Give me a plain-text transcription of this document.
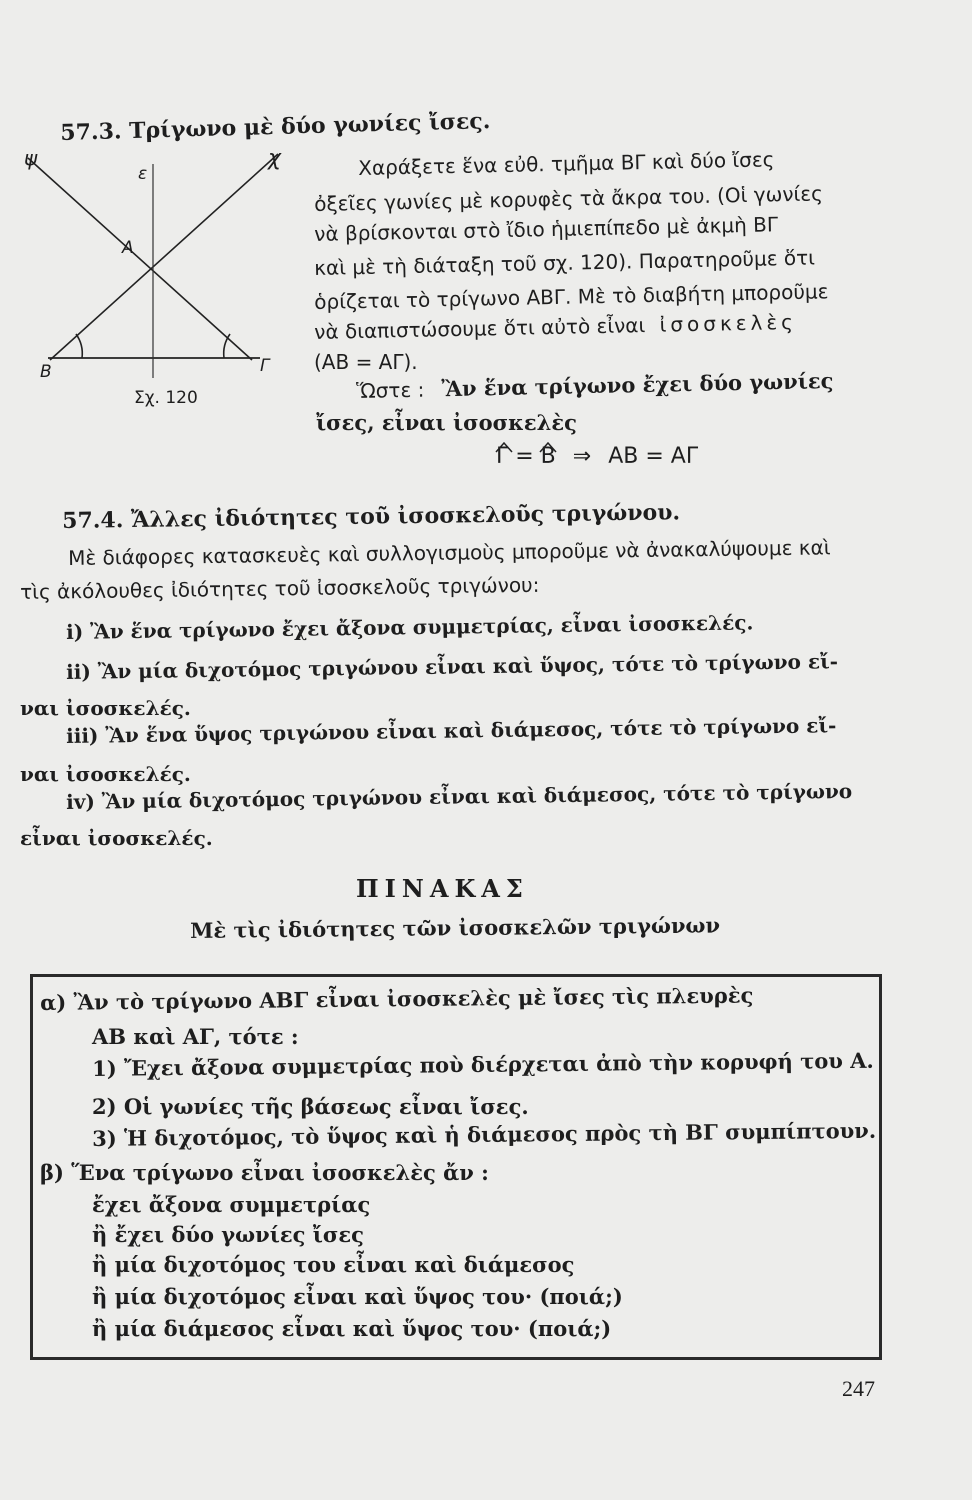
57.3. Τρίγωνο μὲ δύο γωνίες ἴσες.
ψ	χ
ε
Α
Β	Γ
Σχ. 120
Χαράξετε ἕνα εὐθ. τμῆμα ΒΓ καὶ δύο ἴσες
ὀξεῖες γωνίες μὲ κορυφὲς τὰ ἄκρα του. (Οἱ γωνίες
νὰ βρίσκονται στὸ ἴδιο ἡμιεπίπεδο μὲ ἀκμὴ ΒΓ
καὶ μὲ τὴ διάταξη τοῦ σχ. 120). Παρατηροῦμε ὅτι
ὁρίζεται τὸ τρίγωνο ΑΒΓ. Μὲ τὸ διαβήτη μποροῦμε
νὰ διαπιστώσουμε ὅτι αὐτὸ εἶναι ἰσοσκελὲς
(ΑΒ = ΑΓ).
Ὥστε : Ἂν ἕνα τρίγωνο ἔχει δύο γωνίες
ἴσες, εἶναι ἰσοσκελὲς
Γ = Β ⇒ ΑΒ = ΑΓ
57.4. Ἄλλες ἰδιότητες τοῦ ἰσοσκελοῦς τριγώνου.
Μὲ διάφορες κατασκευὲς καὶ συλλογισμοὺς μποροῦμε νὰ ἀνακαλύψουμε καὶ
τὶς ἀκόλουθες ἰδιότητες τοῦ ἰσοσκελοῦς τριγώνου:
i) Ἂν ἕνα τρίγωνο ἔχει ἄξονα συμμετρίας, εἶναι ἰσοσκελές.
ii) Ἂν μία διχοτόμος τριγώνου εἶναι καὶ ὕψος, τότε τὸ τρίγωνο εἴ-
ναι ἰσοσκελές.
iii) Ἂν ἕνα ὕψος τριγώνου εἶναι καὶ διάμεσος, τότε τὸ τρίγωνο εἴ-
ναι ἰσοσκελές.
iv) Ἂν μία διχοτόμος τριγώνου εἶναι καὶ διάμεσος, τότε τὸ τρίγωνο
εἶναι ἰσοσκελές.
ΠΙΝΑΚΑΣ
Μὲ τὶς ἰδιότητες τῶν ἰσοσκελῶν τριγώνων
α) Ἂν τὸ τρίγωνο ΑΒΓ εἶναι ἰσοσκελὲς μὲ ἴσες τὶς πλευρὲς
ΑΒ καὶ ΑΓ, τότε :
1) Ἔχει ἄξονα συμμετρίας ποὺ διέρχεται ἀπὸ τὴν κορυφή του Α.
2) Οἱ γωνίες τῆς βάσεως εἶναι ἴσες.
3) Ἡ διχοτόμος, τὸ ὕψος καὶ ἡ διάμεσος πρὸς τὴ ΒΓ συμπίπτουν.
β) Ἕνα τρίγωνο εἶναι ἰσοσκελὲς ἄν :
ἔχει ἄξονα συμμετρίας
ἢ ἔχει δύο γωνίες ἴσες
ἢ μία διχοτόμος του εἶναι καὶ διάμεσος
ἢ μία διχοτόμος εἶναι καὶ ὕψος του· (ποιά;)
ἢ μία διάμεσος εἶναι καὶ ὕψος του· (ποιά;)
247
